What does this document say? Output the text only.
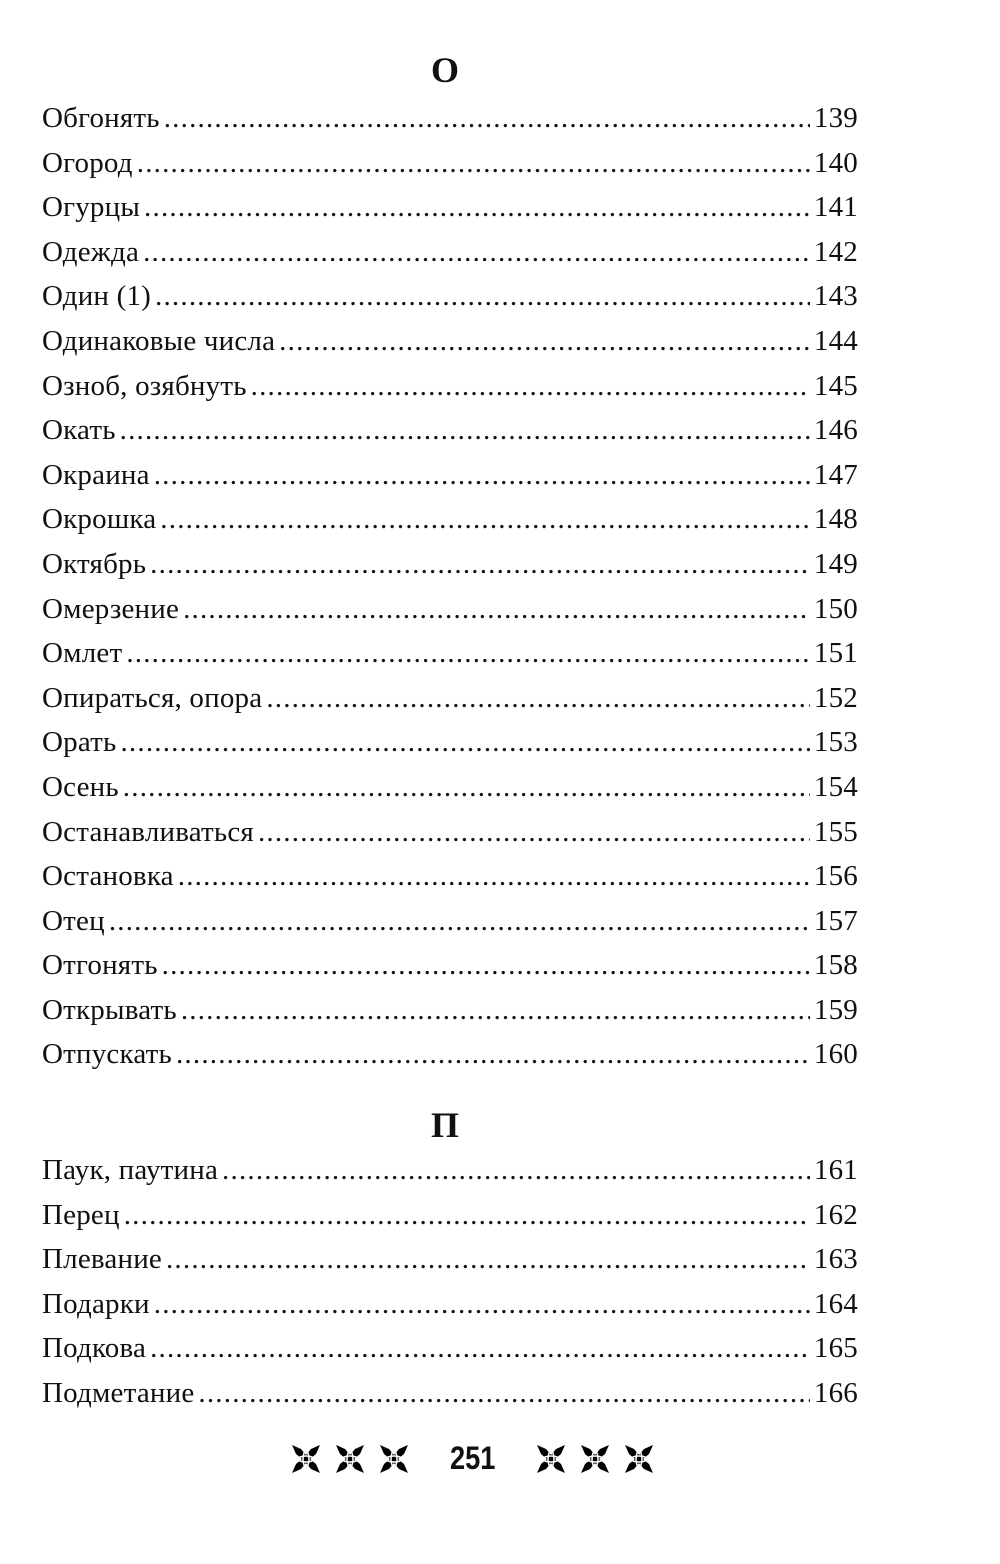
О
Обгонять .....	139
Огород .....	140
Огурцы .....	141
Одежда .....	142
Один (1) .....	143
Одинаковые числа .....	144
Озноб, озябнуть .....	145
Окать .....	146
Окраина .....	147
Окрошка .....	148
Октябрь .....	149
Омерзение .....	150
Омлет .....	151
Опираться, опора .....	152
Орать .....	153
Осень .....	154
Останавливаться .....	155
Остановка .....	156
Отец .....	157
Отгонять .....	158
Открывать .....	159
Отпускать .....	160
П
Паук, паутина .....	161
Перец .....	162
Плевание .....	163
Подарки .....	164
Подкова .....	165
Подметание .....	166
251
